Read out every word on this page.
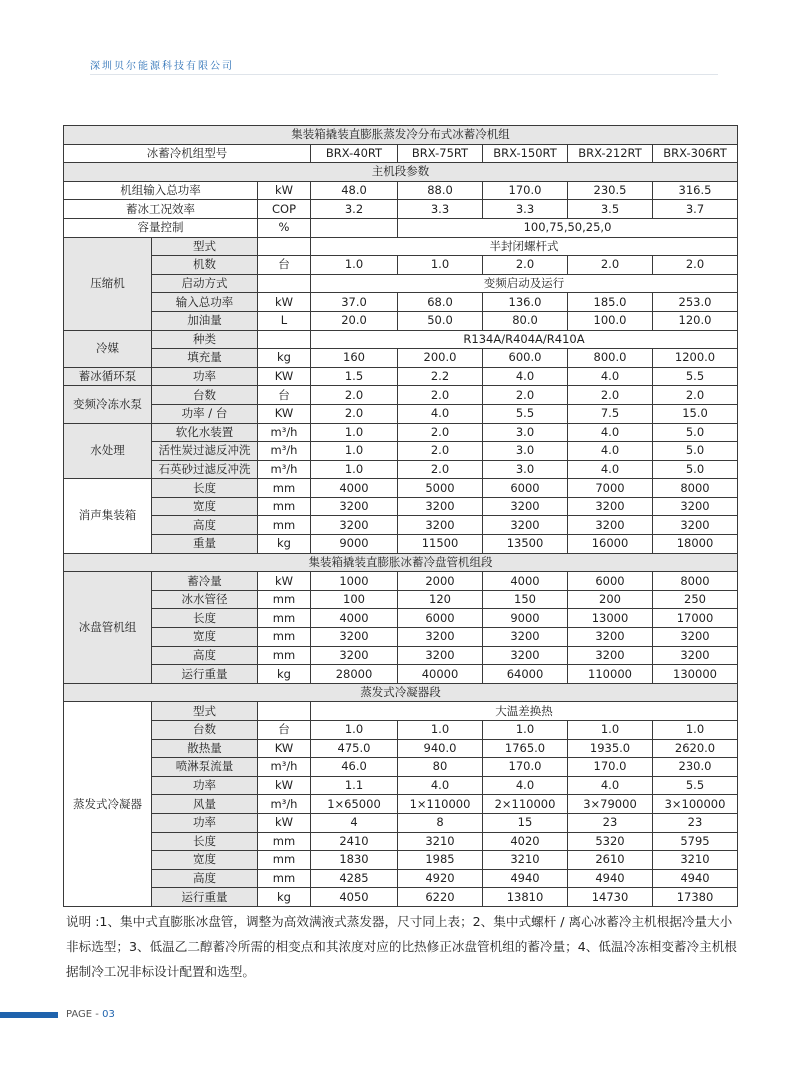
深圳贝尔能源科技有限公司
集装箱撬装直膨胀蒸发冷分布式冰蓄冷机组							
冰蓄冷机组型号			BRX-40RT	BRX-75RT	BRX-150RT	BRX-212RT	BRX-306RT
主机段参数							
机组输入总功率		kW	48.0	88.0	170.0	230.5	316.5
蓄冰工况效率		COP	3.2	3.3	3.3	3.5	3.7
容量控制		%		100,75,50,25,0			
压缩机	型式		半封闭螺杆式				
	机数	台	1.0	1.0	2.0	2.0	2.0
	启动方式		变频启动及运行				
	输入总功率	kW	37.0	68.0	136.0	185.0	253.0
	加油量	L	20.0	50.0	80.0	100.0	120.0
冷媒	种类		R134A/R404A/R410A				
	填充量	kg	160	200.0	600.0	800.0	1200.0
蓄冰循环泵	功率	KW	1.5	2.2	4.0	4.0	5.5
变频冷冻水泵	台数	台	2.0	2.0	2.0	2.0	2.0
	功率 / 台	KW	2.0	4.0	5.5	7.5	15.0
水处理	软化水装置	m³/h	1.0	2.0	3.0	4.0	5.0
	活性炭过滤反冲洗	m³/h	1.0	2.0	3.0	4.0	5.0
	石英砂过滤反冲洗	m³/h	1.0	2.0	3.0	4.0	5.0
消声集装箱	长度	mm	4000	5000	6000	7000	8000
	宽度	mm	3200	3200	3200	3200	3200
	高度	mm	3200	3200	3200	3200	3200
	重量	kg	9000	11500	13500	16000	18000
集装箱撬装直膨胀冰蓄冷盘管机组段							
冰盘管机组	蓄冷量	kW	1000	2000	4000	6000	8000
	冰水管径	mm	100	120	150	200	250
	长度	mm	4000	6000	9000	13000	17000
	宽度	mm	3200	3200	3200	3200	3200
	高度	mm	3200	3200	3200	3200	3200
	运行重量	kg	28000	40000	64000	110000	130000
蒸发式冷凝器段							
蒸发式冷凝器	型式		大温差换热				
	台数	台	1.0	1.0	1.0	1.0	1.0
	散热量	KW	475.0	940.0	1765.0	1935.0	2620.0
	喷淋泵流量	m³/h	46.0	80	170.0	170.0	230.0
	功率	kW	1.1	4.0	4.0	4.0	5.5
	风量	m³/h	1×65000	1×110000	2×110000	3×79000	3×100000
	功率	kW	4	8	15	23	23
	长度	mm	2410	3210	4020	5320	5795
	宽度	mm	1830	1985	3210	2610	3210
	高度	mm	4285	4920	4940	4940	4940
	运行重量	kg	4050	6220	13810	14730	17380
说明 :1、集中式直膨胀冰盘管，调整为高效满液式蒸发器，尺寸同上表；2、集中式螺杆 / 离心冰蓄冷主机根据冷量大小非标选型；3、低温乙二醇蓄冷所需的相变点和其浓度对应的比热修正冰盘管机组的蓄冷量；4、低温冷冻相变蓄冷主机根据制冷工况非标设计配置和选型。
PAGE - 03
